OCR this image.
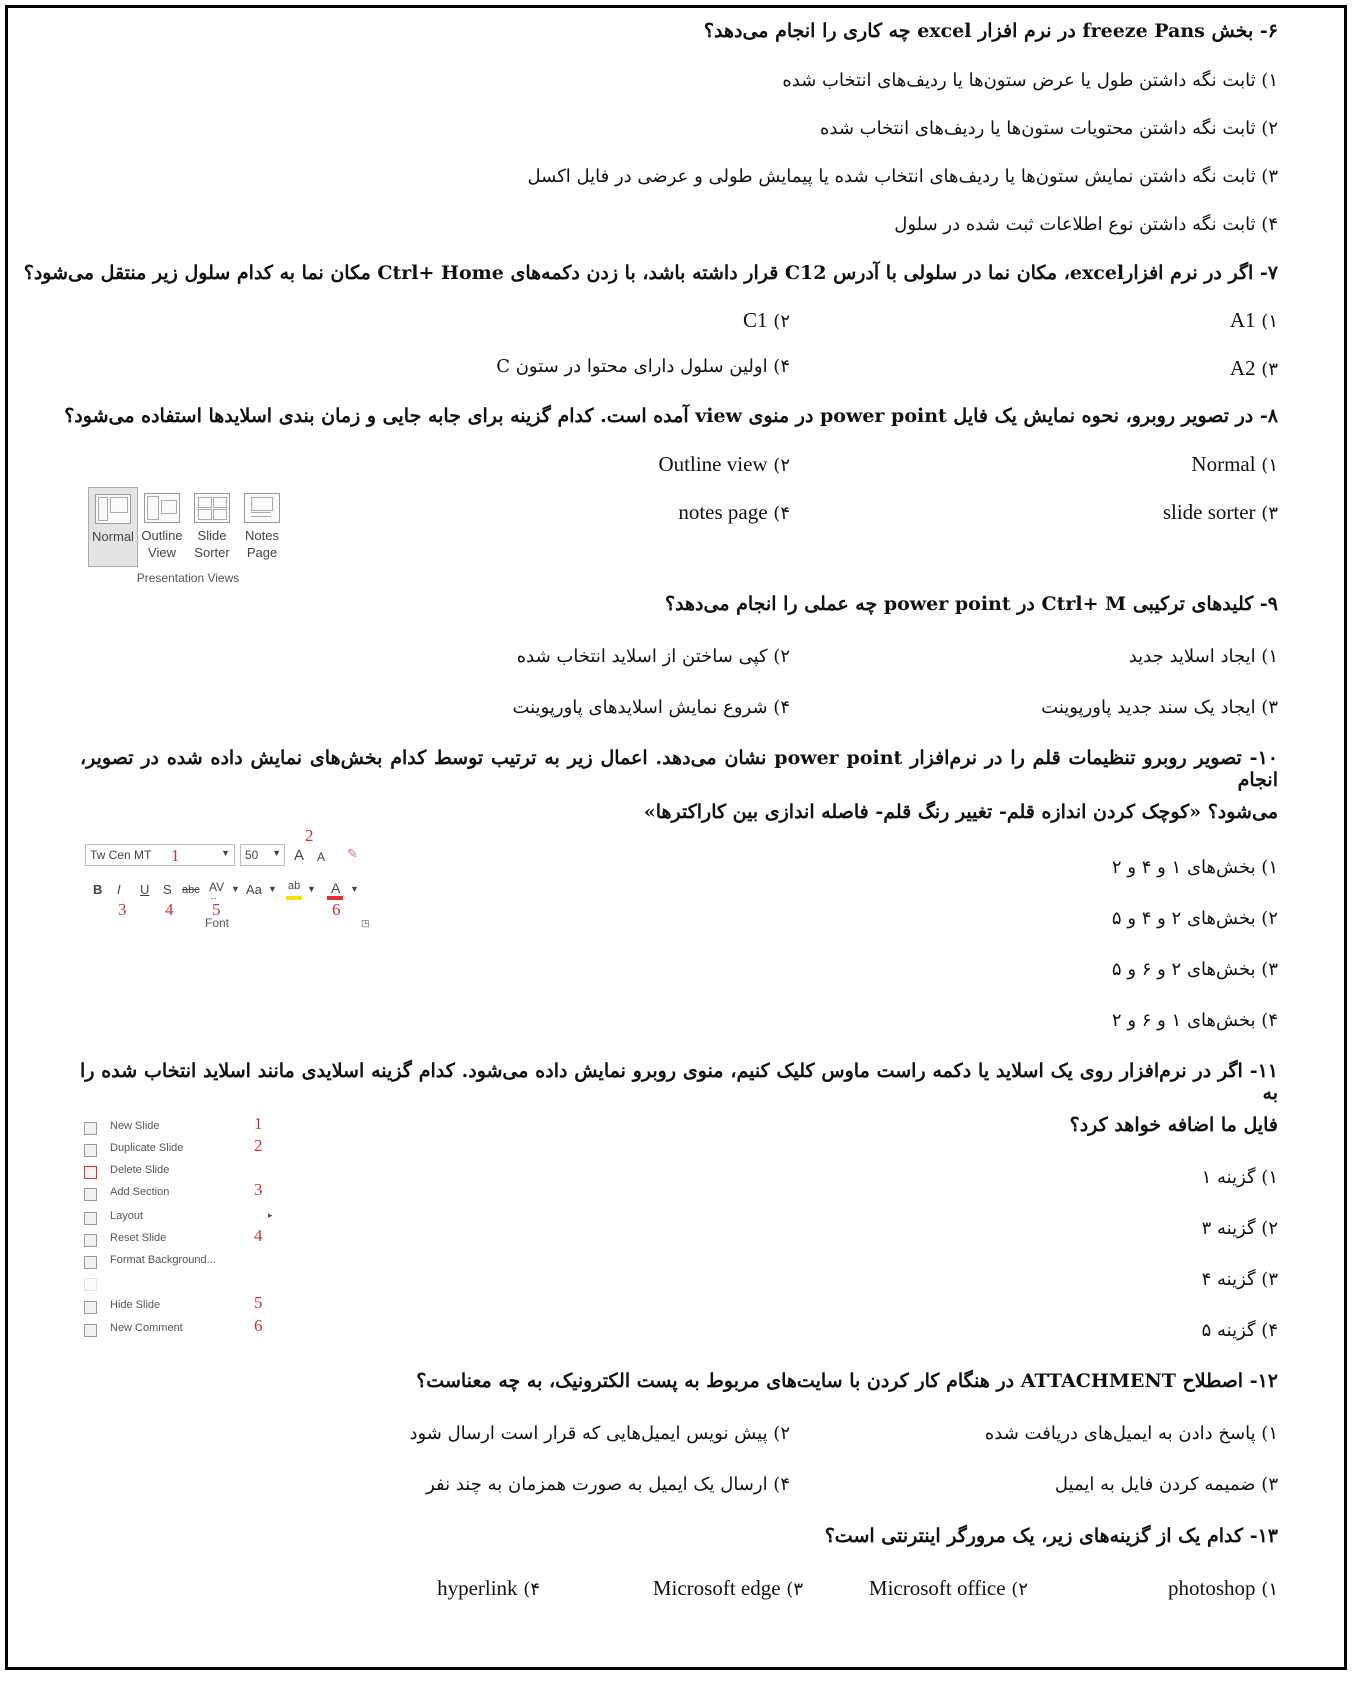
۶- بخش freeze Pans در نرم افزار excel چه کاری را انجام می‌دهد؟
۱) ثابت نگه داشتن طول یا عرض ستون‌ها یا ردیف‌های انتخاب شده
۲) ثابت نگه داشتن محتویات ستون‌ها یا ردیف‌های انتخاب شده
۳) ثابت نگه داشتن نمایش ستون‌ها یا ردیف‌های انتخاب شده یا پیمایش طولی و عرضی در فایل اکسل
۴) ثابت نگه داشتن نوع اطلاعات ثبت شده در سلول
۷- اگر در نرم افزارexcel، مکان نما در سلولی با آدرس C12 قرار داشته باشد، با زدن دکمه‌های Ctrl+ Home مکان نما به کدام سلول زیر منتقل می‌شود؟
۱) A1
۲) C1
۳) A2
۴) اولین سلول دارای محتوا در ستون C
۸- در تصویر روبرو، نحوه نمایش یک فایل power point در منوی view آمده است. کدام گزینه برای جابه جایی و زمان بندی اسلایدها استفاده می‌شود؟
۱) Normal
۲) Outline view
۳) slide sorter
۴) notes page
Normal Outline
View
Slide
Sorter
Notes
Page
Presentation Views
۹- کلیدهای ترکیبی Ctrl+ M در power point چه عملی را انجام می‌دهد؟
۱) ایجاد اسلاید جدید
۲) کپی ساختن از اسلاید انتخاب شده
۳) ایجاد یک سند جدید پاورپوینت
۴) شروع نمایش اسلایدهای پاورپوینت
۱۰- تصویر روبرو تنظیمات قلم را در نرم‌افزار power point نشان می‌دهد. اعمال زیر به ترتیب توسط کدام بخش‌های نمایش داده شده در تصویر، انجام
می‌شود؟ «کوچک کردن اندازه قلم- تغییر رنگ قلم- فاصله اندازی بین کاراکترها»
۱) بخش‌های ۱ و ۴ و ۲
۲) بخش‌های ۲ و ۴ و ۵
۳) بخش‌های ۲ و ۶ و ۵
۴) بخش‌های ۱ و ۶ و ۲
Tw Cen MT	▼	50 ▼ A A ✎
B I U S abc AV
↔
▼ Aa ▼ ab ▼ A ▼
1
2
3 4 5	6
Font	◳
۱۱- اگر در نرم‌افزار روی یک اسلاید یا دکمه راست ماوس کلیک کنیم، منوی روبرو نمایش داده می‌شود. کدام گزینه اسلایدی مانند اسلاید انتخاب شده را به
فایل ما اضافه خواهد کرد؟
۱) گزینه ۱
۲) گزینه ۳
۳) گزینه ۴
۴) گزینه ۵
New Slide	1
Duplicate Slide	2
Delete Slide
Add Section	3
Layout	▸
Reset Slide	4
Format Background...
Hide Slide	5
New Comment	6
۱۲- اصطلاح ATTACHMENT در هنگام کار کردن با سایت‌های مربوط به پست الکترونیک، به چه معناست؟
۱) پاسخ دادن به ایمیل‌های دریافت شده
۲) پیش نویس ایمیل‌هایی که قرار است ارسال شود
۳) ضمیمه کردن فایل به ایمیل
۴) ارسال یک ایمیل به صورت همزمان به چند نفر
۱۳- کدام یک از گزینه‌های زیر، یک مرورگر اینترنتی است؟
۱) photoshop
۲) Microsoft office
۳) Microsoft edge
۴) hyperlink
